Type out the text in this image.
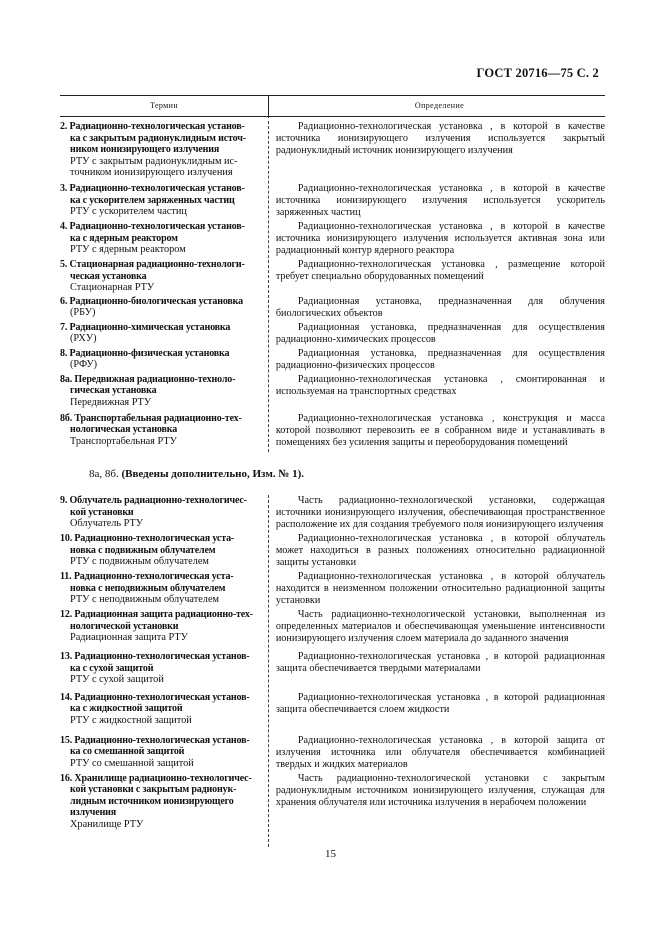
ГОСТ 20716—75 С. 2
Термин	Определение
2. Радиационно-технологическая установ-
ка с закрытым радионуклидным источ-
ником ионизирующего излучения
РТУ с закрытым радионуклидным ис-
точником ионизирующего излучения

Радиационно-технологическая установка , в которой в качестве источника ионизирующего излучения используется закрытый радионуклидный источник ионизирующего излучения

3. Радиационно-технологическая установ-
ка с ускорителем заряженных частиц
РТУ с ускорителем частиц

Радиационно-технологическая установка , в которой в качестве источника ионизирующего излучения используется ускоритель заряженных частиц

4. Радиационно-технологическая установ-
ка с ядерным реактором
РТУ с ядерным реактором

Радиационно-технологическая установка , в которой в качестве источника ионизирующего излучения используется активная зона или радиационный контур ядерного реактора

5. Стационарная радиационно-технологи-
ческая установка
Стационарная РТУ

Радиационно-технологическая установка , размещение которой требует специально оборудованных помещений

6. Радиационно-биологическая установка
(РБУ)

Радиационная установка, предназначенная для облучения биологических объектов

7. Радиационно-химическая установка
(РХУ)

Радиационная установка, предназначенная для осуществления радиационно-химических процессов

8. Радиационно-физическая установка
(РФУ)

Радиационная установка, предназначенная для осуществления радиационно-физических процессов

8а. Передвижная радиационно-техноло-
гическая установка
Передвижная РТУ

Радиационно-технологическая установка , смонтированная и используемая на транспортных средствах

8б. Транспортабельная радиационно-тех-
нологическая установка
Транспортабельная РТУ

Радиационно-технологическая установка , конструкция и масса которой позволяют перевозить ее в собранном виде и устанавливать в помещениях без усиления защиты и переоборудования помещений

8а, 8б. (Введены дополнительно, Изм. № 1).
9. Облучатель радиационно-технологичес-
кой установки
Облучатель РТУ

Часть радиационно-технологической установки, содержащая источники ионизирующего излучения, обеспечивающая пространственное расположение их для создания требуемого поля ионизирующего излучения

10. Радиационно-технологическая уста-
новка с подвижным облучателем
РТУ с подвижным облучателем

Радиационно-технологическая установка , в которой облучатель может находиться в разных положениях относительно радиационной защиты установки

11. Радиационно-технологическая уста-
новка с неподвижным облучателем
РТУ с неподвижным облучателем

Радиационно-технологическая установка , в которой облучатель находится в неизменном положении относительно радиационной защиты установки

12. Радиационная защита радиационно-тех-
нологической установки
Радиационная защита РТУ

Часть радиационно-технологической установки, выполненная из определенных материалов и обеспечивающая уменьшение интенсивности ионизирующего излучения слоем материала до заданного значения

13. Радиационно-технологическая установ-
ка с сухой защитой
РТУ с сухой защитой

Радиационно-технологическая установка , в которой радиационная защита обеспечивается твердыми материалами

14. Радиационно-технологическая установ-
ка с жидкостной защитой
РТУ с жидкостной защитой

Радиационно-технологическая установка , в которой радиационная защита обеспечивается слоем жидкости

15. Радиационно-технологическая установ-
ка со смешанной защитой
РТУ со смешанной защитой

Радиационно-технологическая установка , в которой защита от излучения источника или облучателя обеспечивается комбинацией твердых и жидких материалов

16. Хранилище радиационно-технологичес-
кой установки с закрытым радионук-
лидным источником ионизирующего
излучения
Хранилище РТУ

Часть радиационно-технологической установки с закрытым радионуклидным источником ионизирующего излучения, служащая для хранения облучателя или источника излучения в нерабочем положении

15
